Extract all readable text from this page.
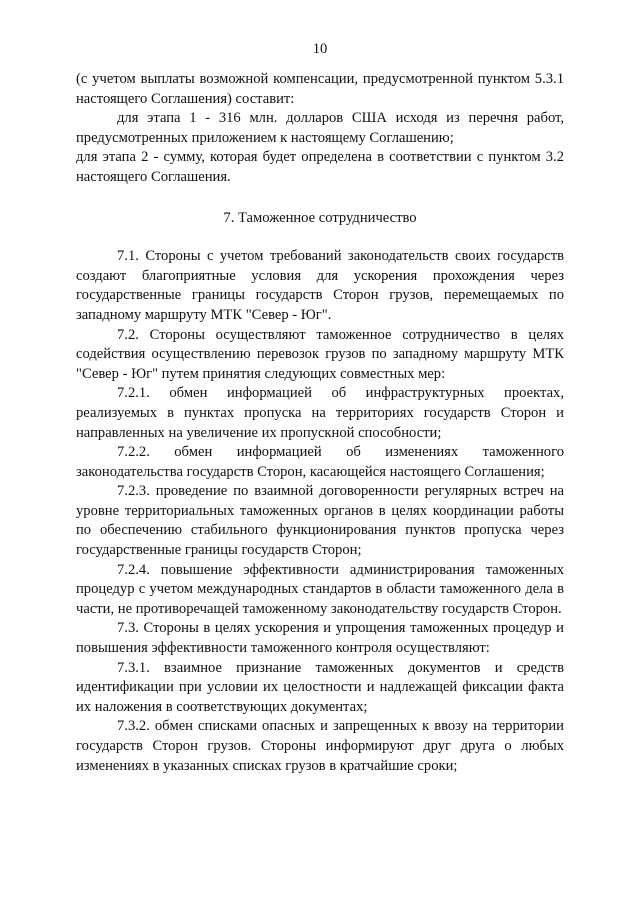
10

(с учетом выплаты возможной компенсации, предусмотренной пунктом 5.3.1 настоящего Соглашения) составит:

для этапа 1 - 316 млн. долларов США исходя из перечня работ, предусмотренных приложением к настоящему Соглашению;

для этапа 2 - сумму, которая будет определена в соответствии с пунктом 3.2 настоящего Соглашения.

7. Таможенное сотрудничество

7.1. Стороны с учетом требований законодательств своих государств создают благоприятные условия для ускорения прохождения через государственные границы государств Сторон грузов, перемещаемых по западному маршруту МТК "Север - Юг".

7.2. Стороны осуществляют таможенное сотрудничество в целях содействия осуществлению перевозок грузов по западному маршруту МТК "Север - Юг" путем принятия следующих совместных мер:

7.2.1. обмен информацией об инфраструктурных проектах, реализуемых в пунктах пропуска на территориях государств Сторон и направленных на увеличение их пропускной способности;

7.2.2. обмен информацией об изменениях таможенного законодательства государств Сторон, касающейся настоящего Соглашения;

7.2.3. проведение по взаимной договоренности регулярных встреч на уровне территориальных таможенных органов в целях координации работы по обеспечению стабильного функционирования пунктов пропуска через государственные границы государств Сторон;

7.2.4. повышение эффективности администрирования таможенных процедур с учетом международных стандартов в области таможенного дела в части, не противоречащей таможенному законодательству государств Сторон.

7.3. Стороны в целях ускорения и упрощения таможенных процедур и повышения эффективности таможенного контроля осуществляют:

7.3.1. взаимное признание таможенных документов и средств идентификации при условии их целостности и надлежащей фиксации факта их наложения в соответствующих документах;

7.3.2. обмен списками опасных и запрещенных к ввозу на территории государств Сторон грузов. Стороны информируют друг друга о любых изменениях в указанных списках грузов в кратчайшие сроки;
